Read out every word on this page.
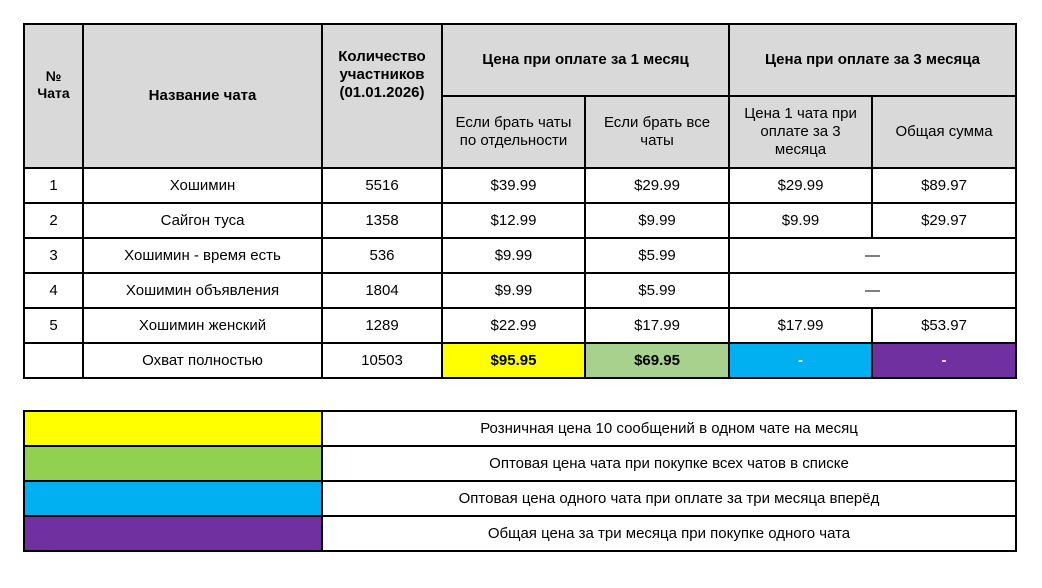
№
Чата	Название чата	Количество участников (01.01.2026)	Цена при оплате за 1 месяц		Цена при оплате за 3 месяца	
			Если брать чаты по отдельности	Если брать все чаты	Цена 1 чата при оплате за 3 месяца	Общая сумма
1	Хошимин	5516	$39.99	$29.99	$29.99	$89.97
2	Сайгон туса	1358	$12.99	$9.99	$9.99	$29.97
3	Хошимин - время есть	536	$9.99	$5.99	—	
4	Хошимин объявления	1804	$9.99	$5.99	—	
5	Хошимин женский	1289	$22.99	$17.99	$17.99	$53.97
	Охват полностью	10503	$95.95	$69.95	-	-
	Розничная цена 10 сообщений в одном чате на месяц
	Оптовая цена чата при покупке всех чатов в списке
	Оптовая цена одного чата при оплате за три месяца вперёд
	Общая цена за три месяца при покупке одного чата
